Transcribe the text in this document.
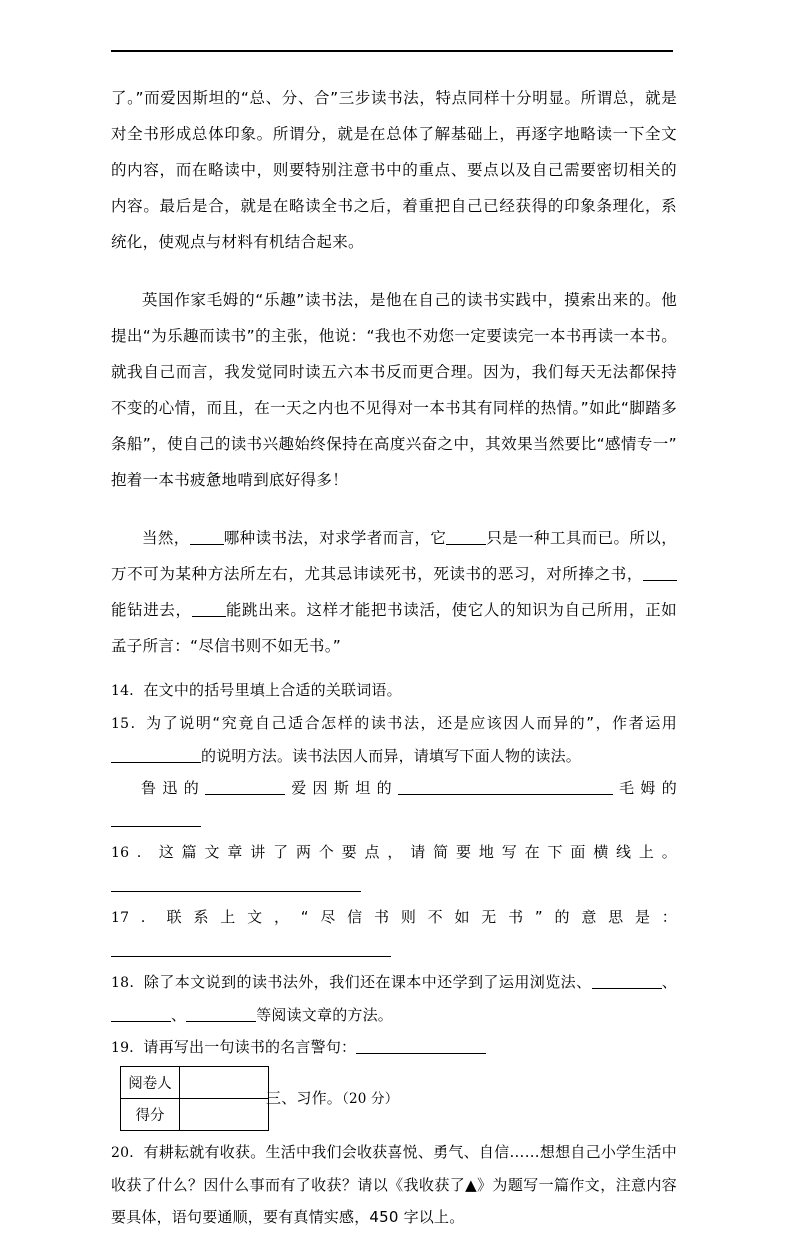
了。”而爱因斯坦的“总、分、合”三步读书法，特点同样十分明显。所谓总，就是对全书形成总体印象。所谓分，就是在总体了解基础上，再逐字地略读一下全文的内容，而在略读中，则要特别注意书中的重点、要点以及自己需要密切相关的内容。最后是合，就是在略读全书之后，着重把自己已经获得的印象条理化，系统化，使观点与材料有机结合起来。

英国作家毛姆的“乐趣”读书法，是他在自己的读书实践中，摸索出来的。他提出“为乐趣而读书”的主张，他说：“我也不劝您一定要读完一本书再读一本书。就我自己而言，我发觉同时读五六本书反而更合理。因为，我们每天无法都保持不变的心情，而且，在一天之内也不见得对一本书其有同样的热情。”如此“脚踏多条船”，使自己的读书兴趣始终保持在高度兴奋之中，其效果当然要比“感情专一”抱着一本书疲惫地啃到底好得多！

当然， 哪种读书法，对求学者而言，它	只是一种工具而已。所以，万不可为某种方法所左右，尤其忌讳读死书，死读书的恶习，对所捧之书，能钻进去， 能跳出来。这样才能把书读活，使它人的知识为自己所用，正如孟子所言：“尽信书则不如无书。”

14．在文中的括号里填上合适的关联词语。

15．为了说明“究竟自己适合怎样的读书法，还是应该因人而异的”，作者运用的说明方法。读书法因人而异，请填写下面人物的读法。

鲁迅的	爱因斯坦的	毛姆的

16．这篇文章讲了两个要点，请简要地写在下面横线上。

17．联系上文，“尽信书则不如无书”的意思是：

18．除了本文说到的读书法外，我们还在课本中还学到了运用浏览法、	、、	等阅读文章的方法。

19．请再写出一句读书的名言警句：

阅卷人	
得分	
三、习作。（20 分）

20．有耕耘就有收获。生活中我们会收获喜悦、勇气、自信……想想自己小学生活中收获了什么？因什么事而有了收获？请以《我收获了▲》为题写一篇作文，注意内容要具体，语句要通顺，要有真情实感，450 字以上。
